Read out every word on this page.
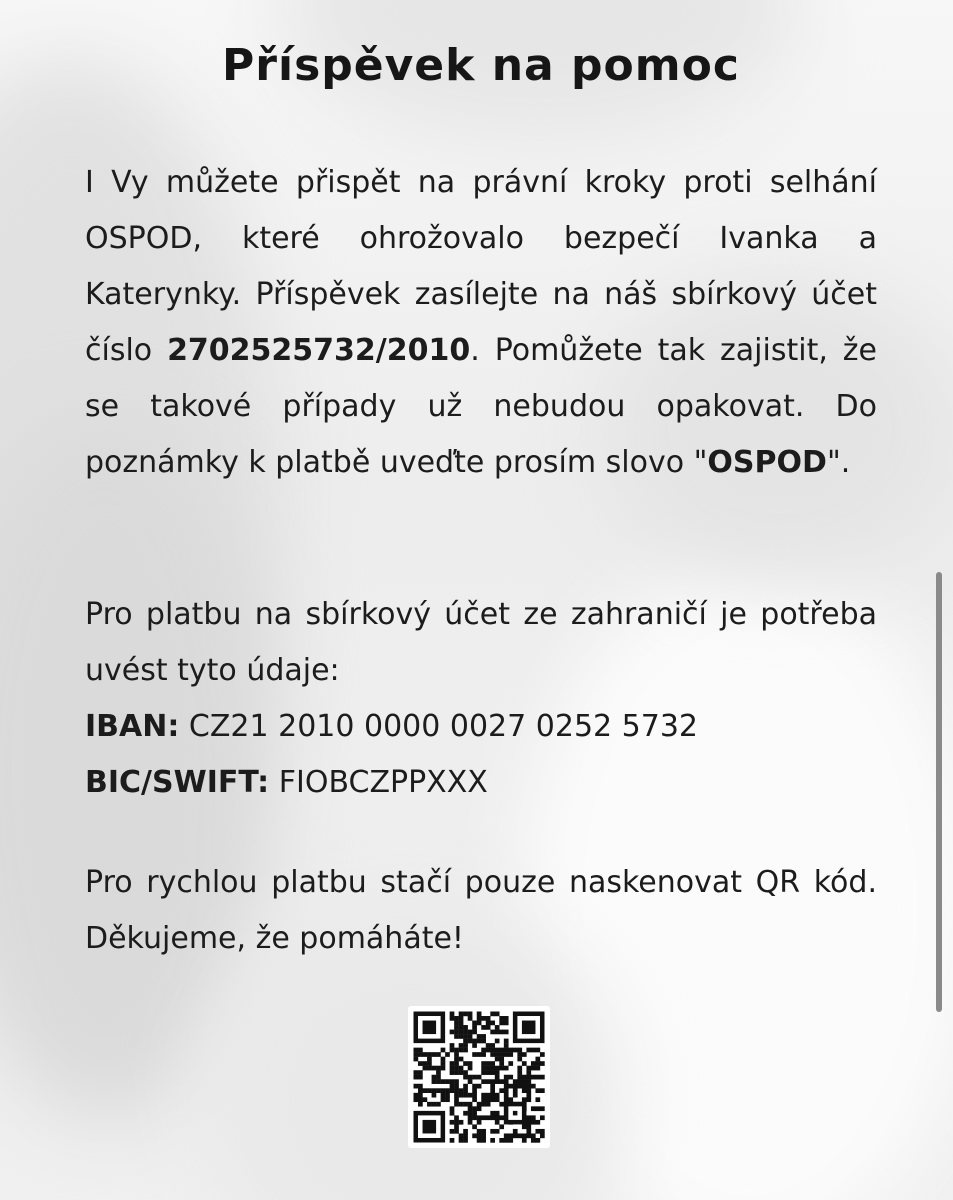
Příspěvek na pomoc

I Vy můžete přispět na právní kroky proti selhání OSPOD, které ohrožovalo bezpečí Ivanka a Katerynky. Příspěvek zasílejte na náš sbírkový účet číslo 2702525732/2010. Pomůžete tak zajistit, že se takové případy už nebudou opakovat. Do poznámky k platbě uveďte prosím slovo "OSPOD".

Pro platbu na sbírkový účet ze zahraničí je potřeba uvést tyto údaje:
IBAN: CZ21 2010 0000 0027 0252 5732
BIC/SWIFT: FIOBCZPPXXX

Pro rychlou platbu stačí pouze naskenovat QR kód. Děkujeme, že pomáháte!
